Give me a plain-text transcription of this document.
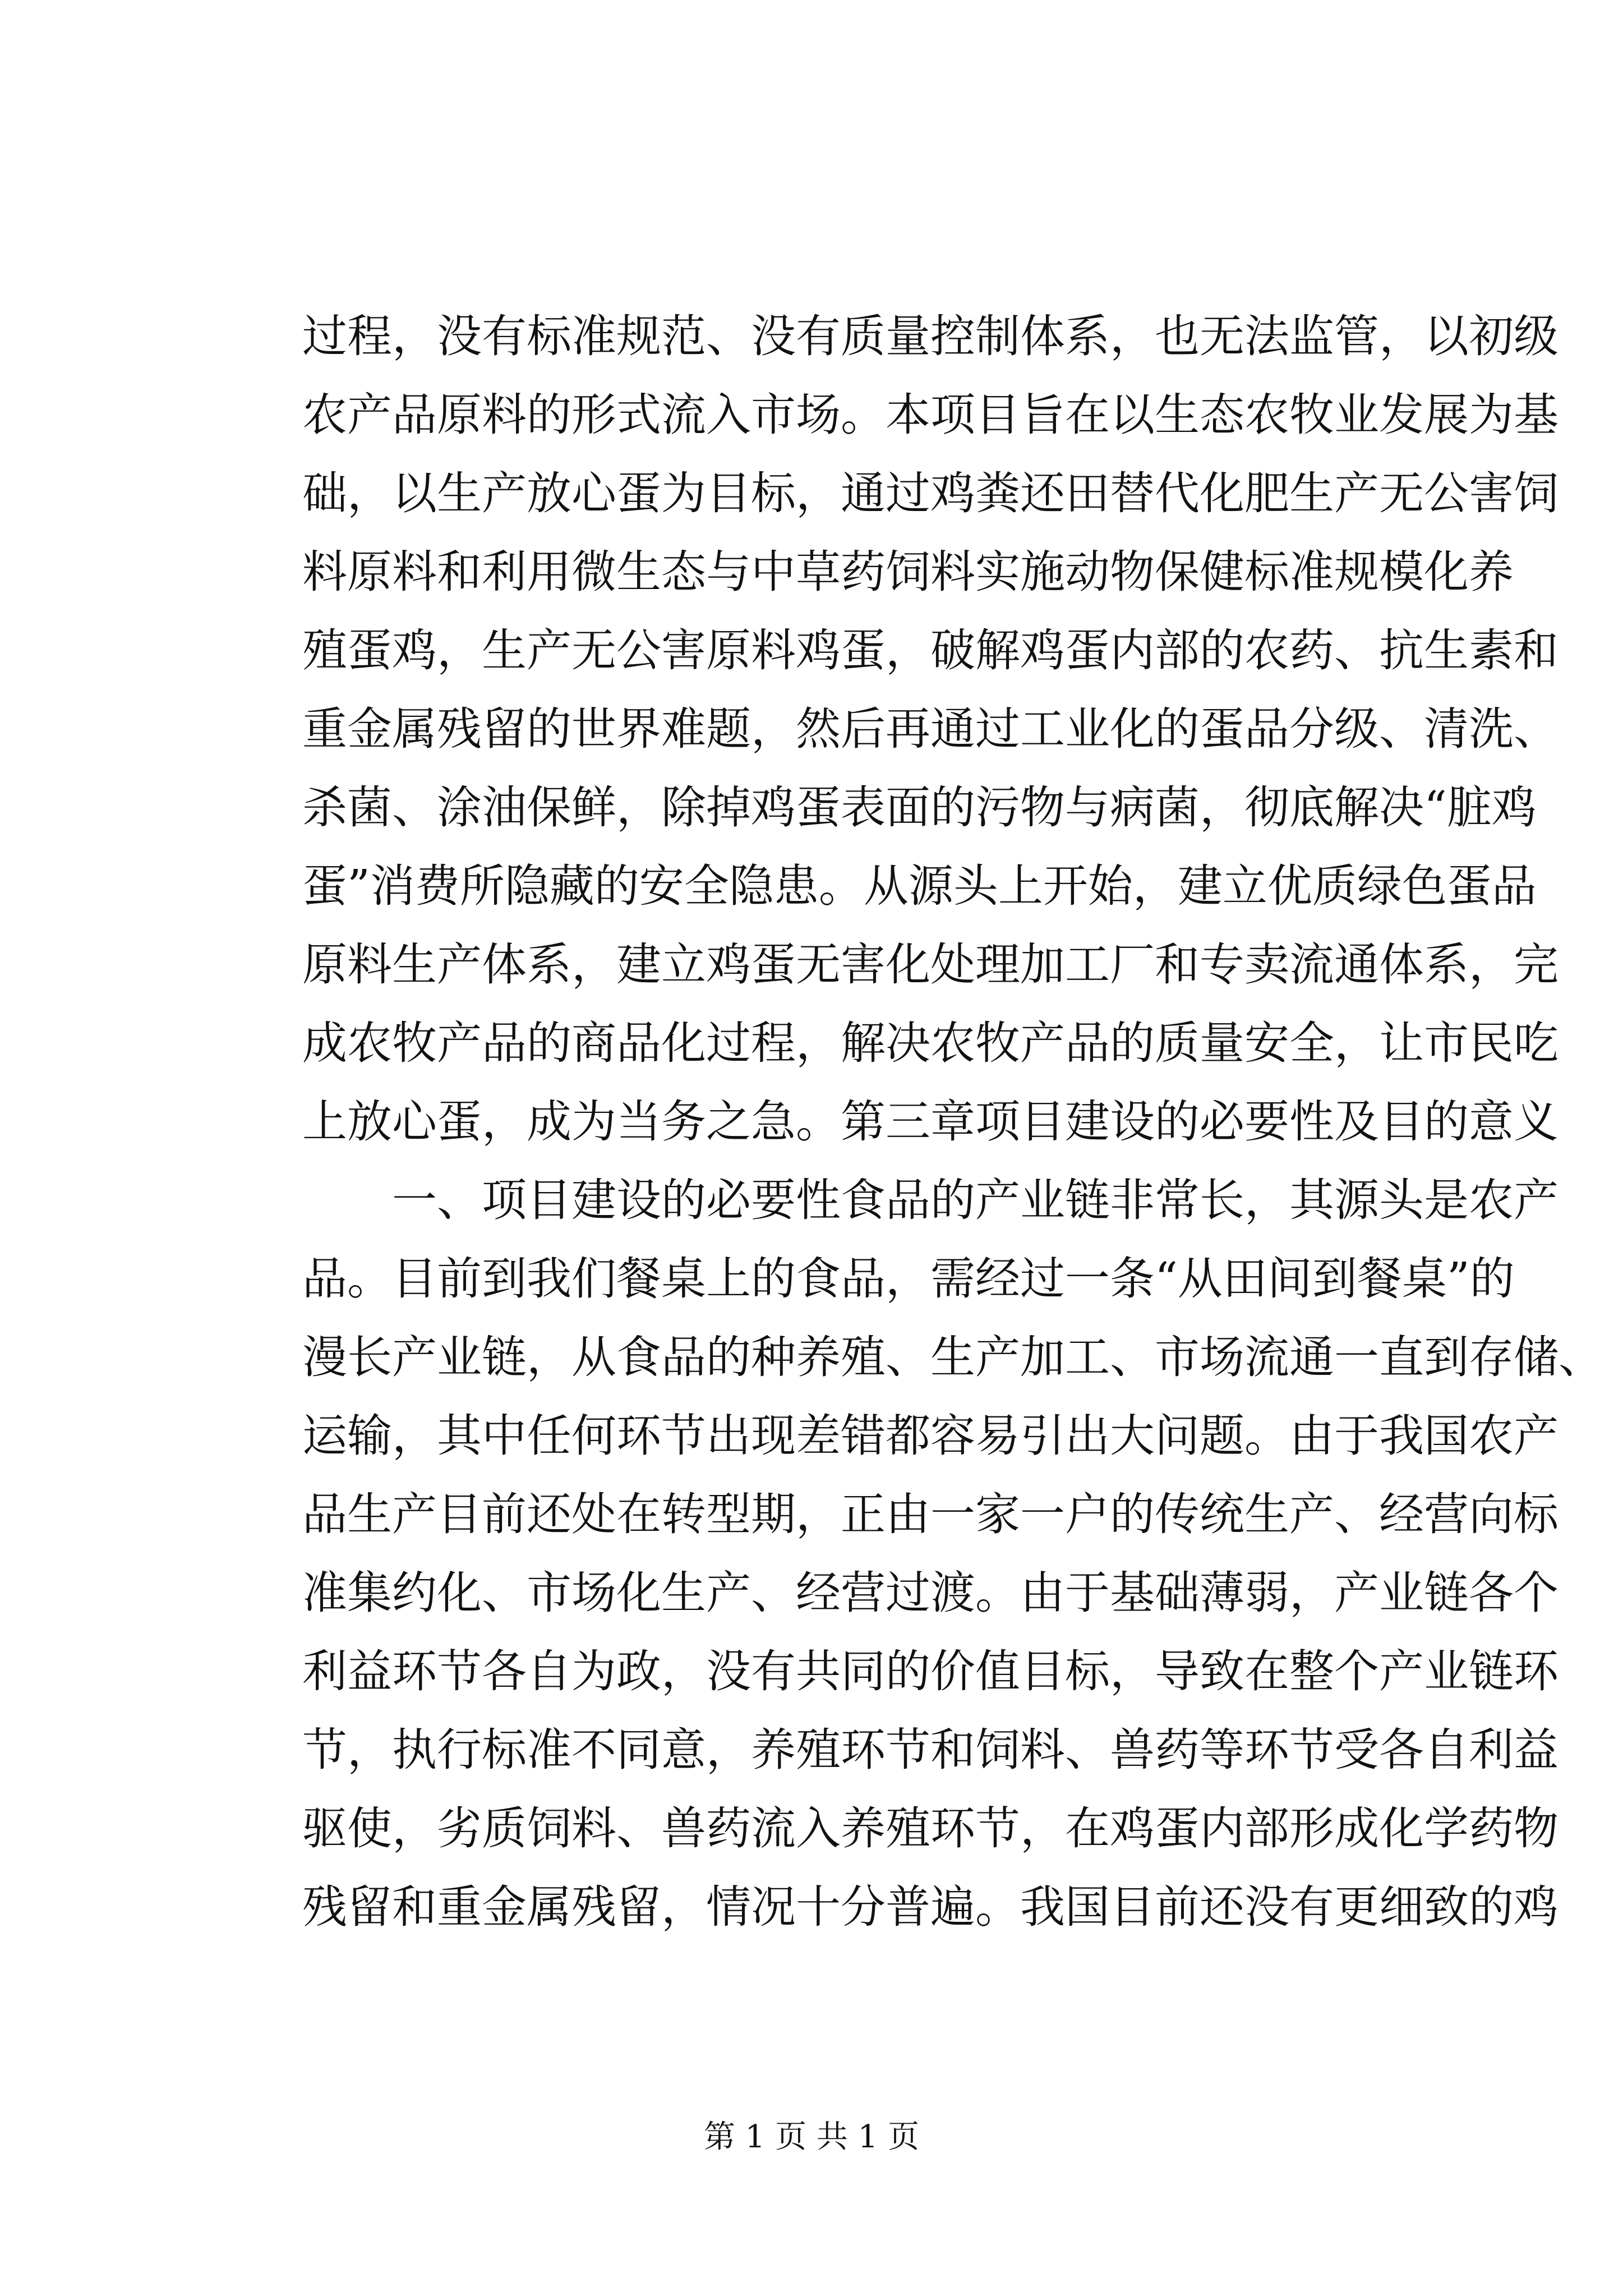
过程，没有标准规范、没有质量控制体系，也无法监管，以初级

农产品原料的形式流入市场。本项目旨在以生态农牧业发展为基

础，以生产放心蛋为目标，通过鸡粪还田替代化肥生产无公害饲

料原料和利用微生态与中草药饲料实施动物保健标准规模化养

殖蛋鸡，生产无公害原料鸡蛋，破解鸡蛋内部的农药、抗生素和

重金属残留的世界难题，然后再通过工业化的蛋品分级、清洗、

杀菌、涂油保鲜，除掉鸡蛋表面的污物与病菌，彻底解决“脏鸡

蛋”消费所隐藏的安全隐患。从源头上开始，建立优质绿色蛋品

原料生产体系，建立鸡蛋无害化处理加工厂和专卖流通体系，完

成农牧产品的商品化过程，解决农牧产品的质量安全，让市民吃

上放心蛋，成为当务之急。第三章项目建设的必要性及目的意义

　　一、项目建设的必要性食品的产业链非常长，其源头是农产

品。目前到我们餐桌上的食品，需经过一条“从田间到餐桌”的

漫长产业链，从食品的种养殖、生产加工、市场流通一直到存储、

运输，其中任何环节出现差错都容易引出大问题。由于我国农产

品生产目前还处在转型期，正由一家一户的传统生产、经营向标

准集约化、市场化生产、经营过渡。由于基础薄弱，产业链各个

利益环节各自为政，没有共同的价值目标，导致在整个产业链环

节，执行标准不同意，养殖环节和饲料、兽药等环节受各自利益

驱使，劣质饲料、兽药流入养殖环节，在鸡蛋内部形成化学药物

残留和重金属残留，情况十分普遍。我国目前还没有更细致的鸡

第 1 页 共 1 页
